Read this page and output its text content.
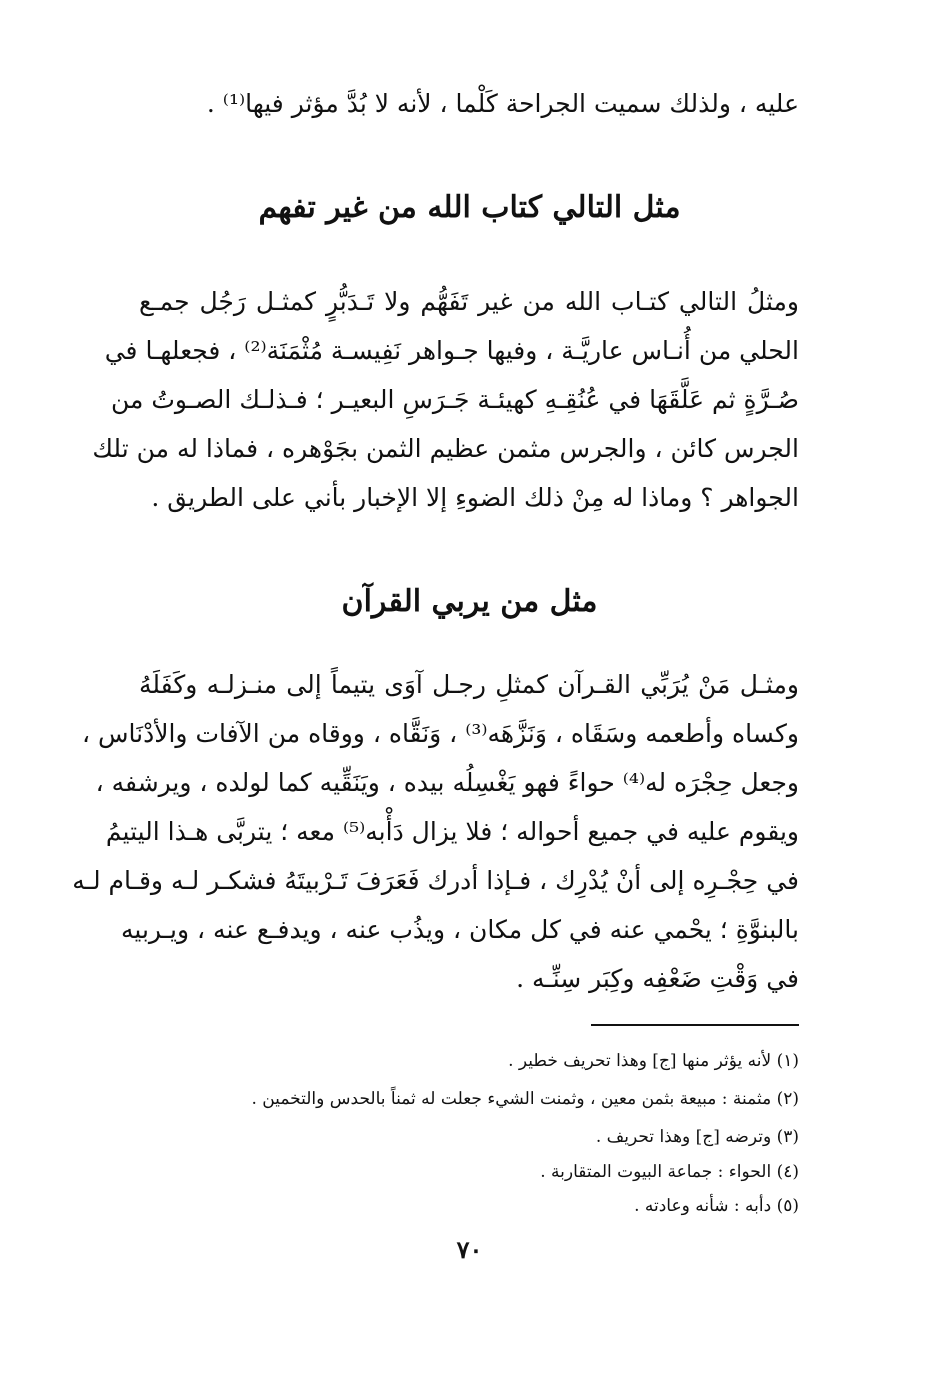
عليه ، ولذلك سميت الجراحة كَلْما ، لأنه لا بُدَّ مؤثر فيها⁽¹⁾ .
مثل التالي كتاب الله من غير تفهم
ومثلُ التالي كتـاب الله من غير تَفَهُّم ولا تَـدَبُّرٍ كمثـل رَجُل جمـع
الحلي من أُنـاس عاريَّـة ، وفيها جـواهر نَفِيسـة مُثْمَنَة⁽²⁾ ، فجعلهـا في
صُـرَّةٍ ثم عَلَّقَهَا في عُنُقِـهِ كهيئـة جَـرَسِ البعيـر ؛ فـذلـك الصـوتُ من
الجرس كائن ، والجرس مثمن عظيم الثمن بجَوْهره ، فماذا له من تلك
الجواهر ؟ وماذا له مِنْ ذلك الضوءِ إلا الإخبار بأني على الطريق .
مثل من يربي القرآن
ومثـل مَنْ يُرَبِّي القـرآن كمثلِ رجـل آوَى يتيماً إلى منـزلـه وكَفَلَهُ
وكساه وأطعمه وسَقَاه ، وَنَزَّهَه⁽³⁾ ، وَنَقَّاه ، ووقاه من الآفات والأدْنَاس ،
وجعل حِجْرَه له⁽⁴⁾ حواءً فهو يَغْسِلُه بيده ، ويَنَقِّيه كما لولده ، ويرشفه ،
ويقوم عليه في جميع أحواله ؛ فلا يزال دَأْبه⁽⁵⁾ معه ؛ يتربَّى هـذا اليتيمُ
في حِجْـرِه إلى أنْ يُدْرِك ، فـإذا أدرك فَعَرَفَ تَـرْبيتَهُ فشكـر لـه وقـام لـه
بالبنوَّةِ ؛ يحْمي عنه في كل مكان ، ويذُب عنه ، ويدفـع عنه ، ويـربيه
في وَقْتِ ضَعْفِه وكِبَر سِنِّـه .
(١) لأنه يؤثر منها [ج] وهذا تحريف خطير .
(٢) مثمنة : مبيعة بثمن معين ، وثمنت الشيء جعلت له ثمناً بالحدس والتخمين .
(٣) وترضه [ج] وهذا تحريف .
(٤) الحواء : جماعة البيوت المتقاربة .
(٥) دأبه : شأنه وعادته .
٧٠
